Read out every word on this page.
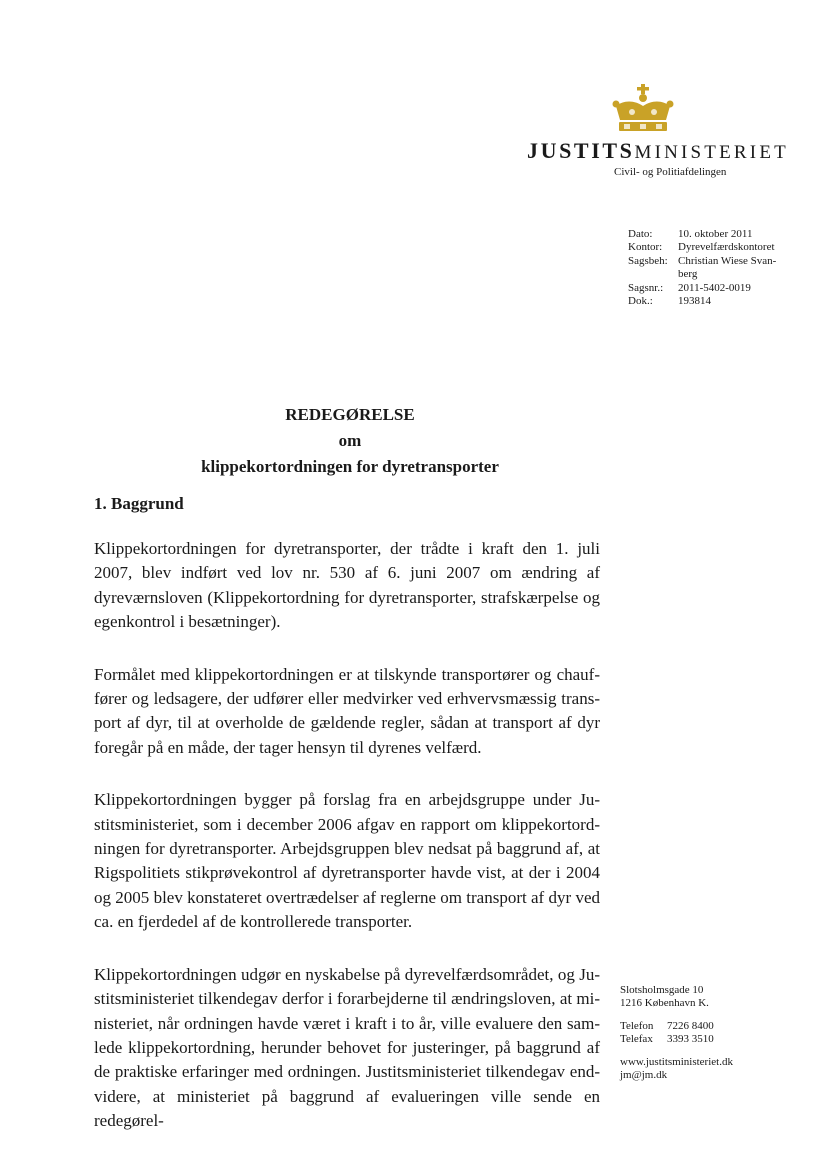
JUSTITSMINISTERIET
Civil- og Politiafdelingen
Dato:	10. oktober 2011
Kontor:	Dyrevelfærdskontoret
Sagsbeh: Christian Wiese Svan-berg
Sagsnr.:	2011-5402-0019
Dok.:	193814
REDEGØRELSE
om
klippekortordningen for dyretransporter
1. Baggrund

Klippekortordningen for dyretransporter, der trådte i kraft den 1. juli 2007, blev indført ved lov nr. 530 af 6. juni 2007 om ændring af dyreværnsloven (Klippekortordning for dyretransporter, strafskærpelse og egenkontrol i besætninger).

Formålet med klippekortordningen er at tilskynde transportører og chauf-fører og ledsagere, der udfører eller medvirker ved erhvervsmæssig trans-port af dyr, til at overholde de gældende regler, sådan at transport af dyr foregår på en måde, der tager hensyn til dyrenes velfærd.

Klippekortordningen bygger på forslag fra en arbejdsgruppe under Ju-stitsministeriet, som i december 2006 afgav en rapport om klippekortord-ningen for dyretransporter. Arbejdsgruppen blev nedsat på baggrund af, at Rigspolitiets stikprøvekontrol af dyretransporter havde vist, at der i 2004 og 2005 blev konstateret overtrædelser af reglerne om transport af dyr ved ca. en fjerdedel af de kontrollerede transporter.

Klippekortordningen udgør en nyskabelse på dyrevelfærdsområdet, og Ju-stitsministeriet tilkendegav derfor i forarbejderne til ændringsloven, at mi-nisteriet, når ordningen havde været i kraft i to år, ville evaluere den sam-lede klippekortordning, herunder behovet for justeringer, på baggrund af de praktiske erfaringer med ordningen. Justitsministeriet tilkendegav end-videre, at ministeriet på baggrund af evalueringen ville sende en redegørel-

Slotsholmsgade 10
1216 København K.
Telefon	7226 8400
Telefax	3393 3510
www.justitsministeriet.dk
jm@jm.dk
